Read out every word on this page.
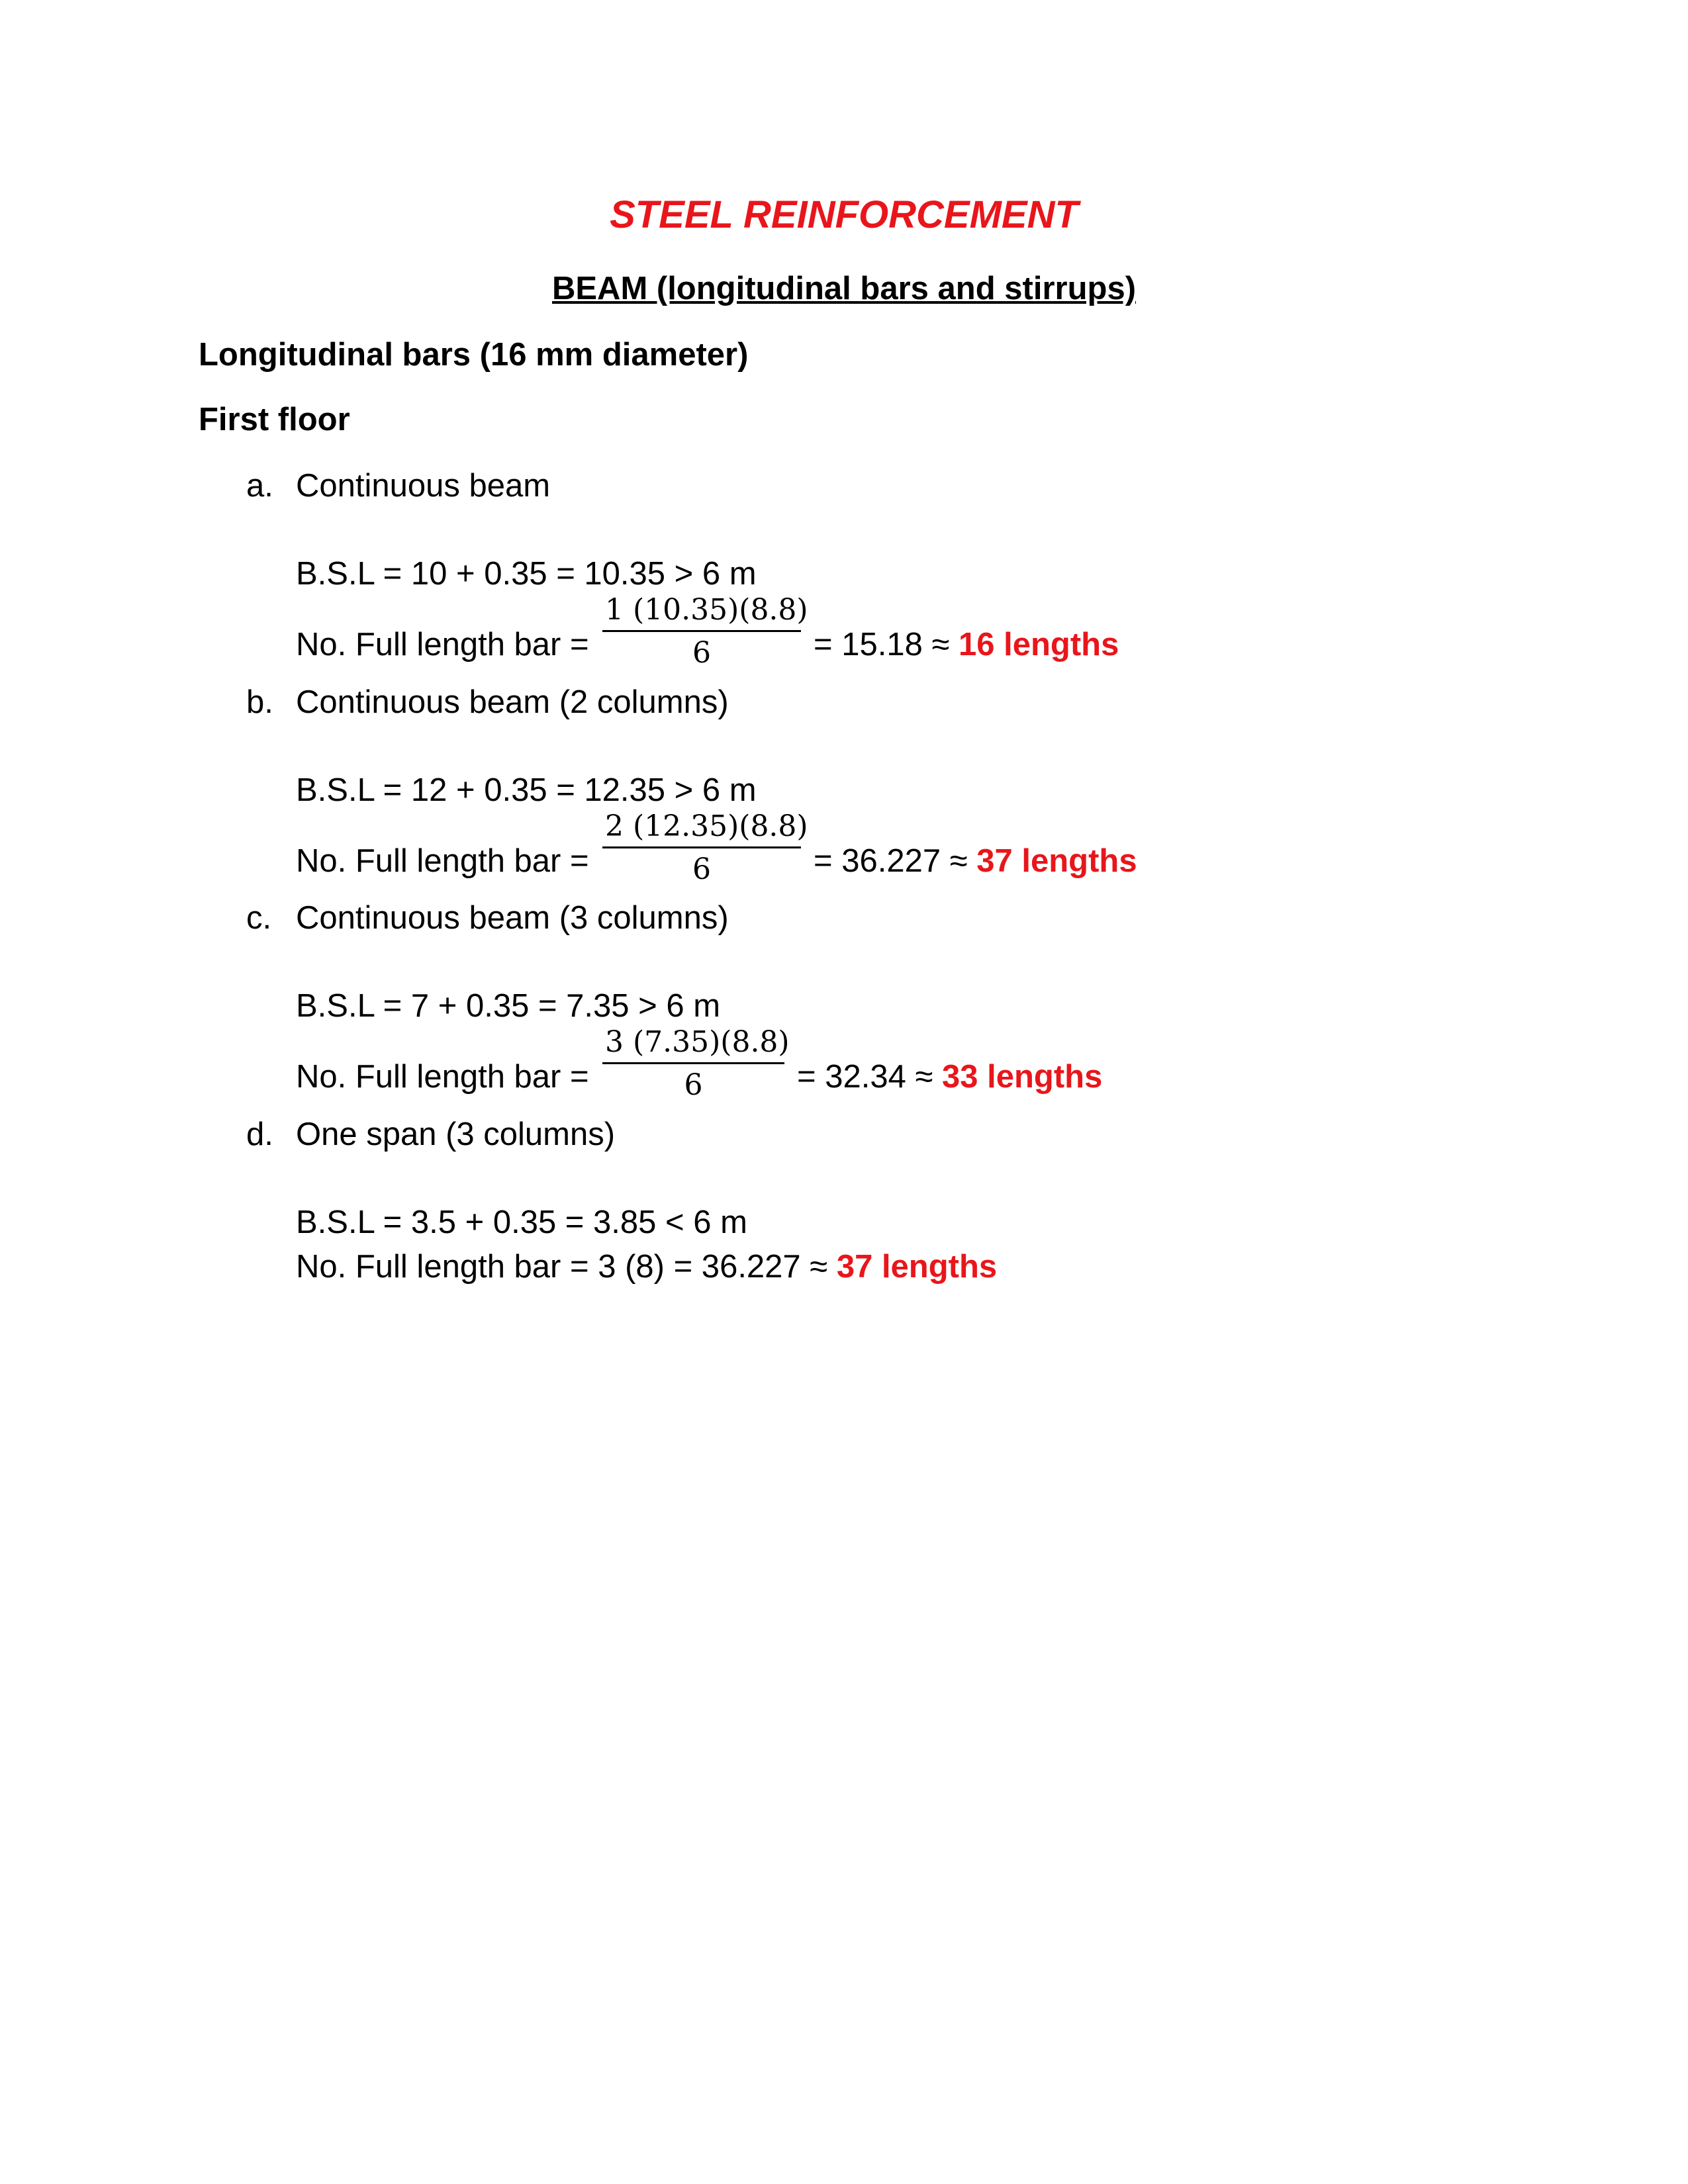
STEEL REINFORCEMENT
BEAM (longitudinal bars and stirrups)
Longitudinal bars (16 mm diameter)
First floor
a. Continuous beam
B.S.L = 10 + 0.35 = 10.35 > 6 m
No. Full length bar =
1 (10.35)(8.8)
6	= 15.18 ≈ 16 lengths
b. Continuous beam (2 columns)
B.S.L = 12 + 0.35 = 12.35 > 6 m
No. Full length bar =
2 (12.35)(8.8)
6	= 36.227 ≈ 37 lengths
c. Continuous beam (3 columns)
B.S.L = 7 + 0.35 = 7.35 > 6 m
No. Full length bar =
3 (7.35)(8.8)
6	= 32.34 ≈ 33 lengths
d. One span (3 columns)
B.S.L = 3.5 + 0.35 = 3.85 < 6 m
No. Full length bar = 3 (8) = 36.227 ≈ 37 lengths
